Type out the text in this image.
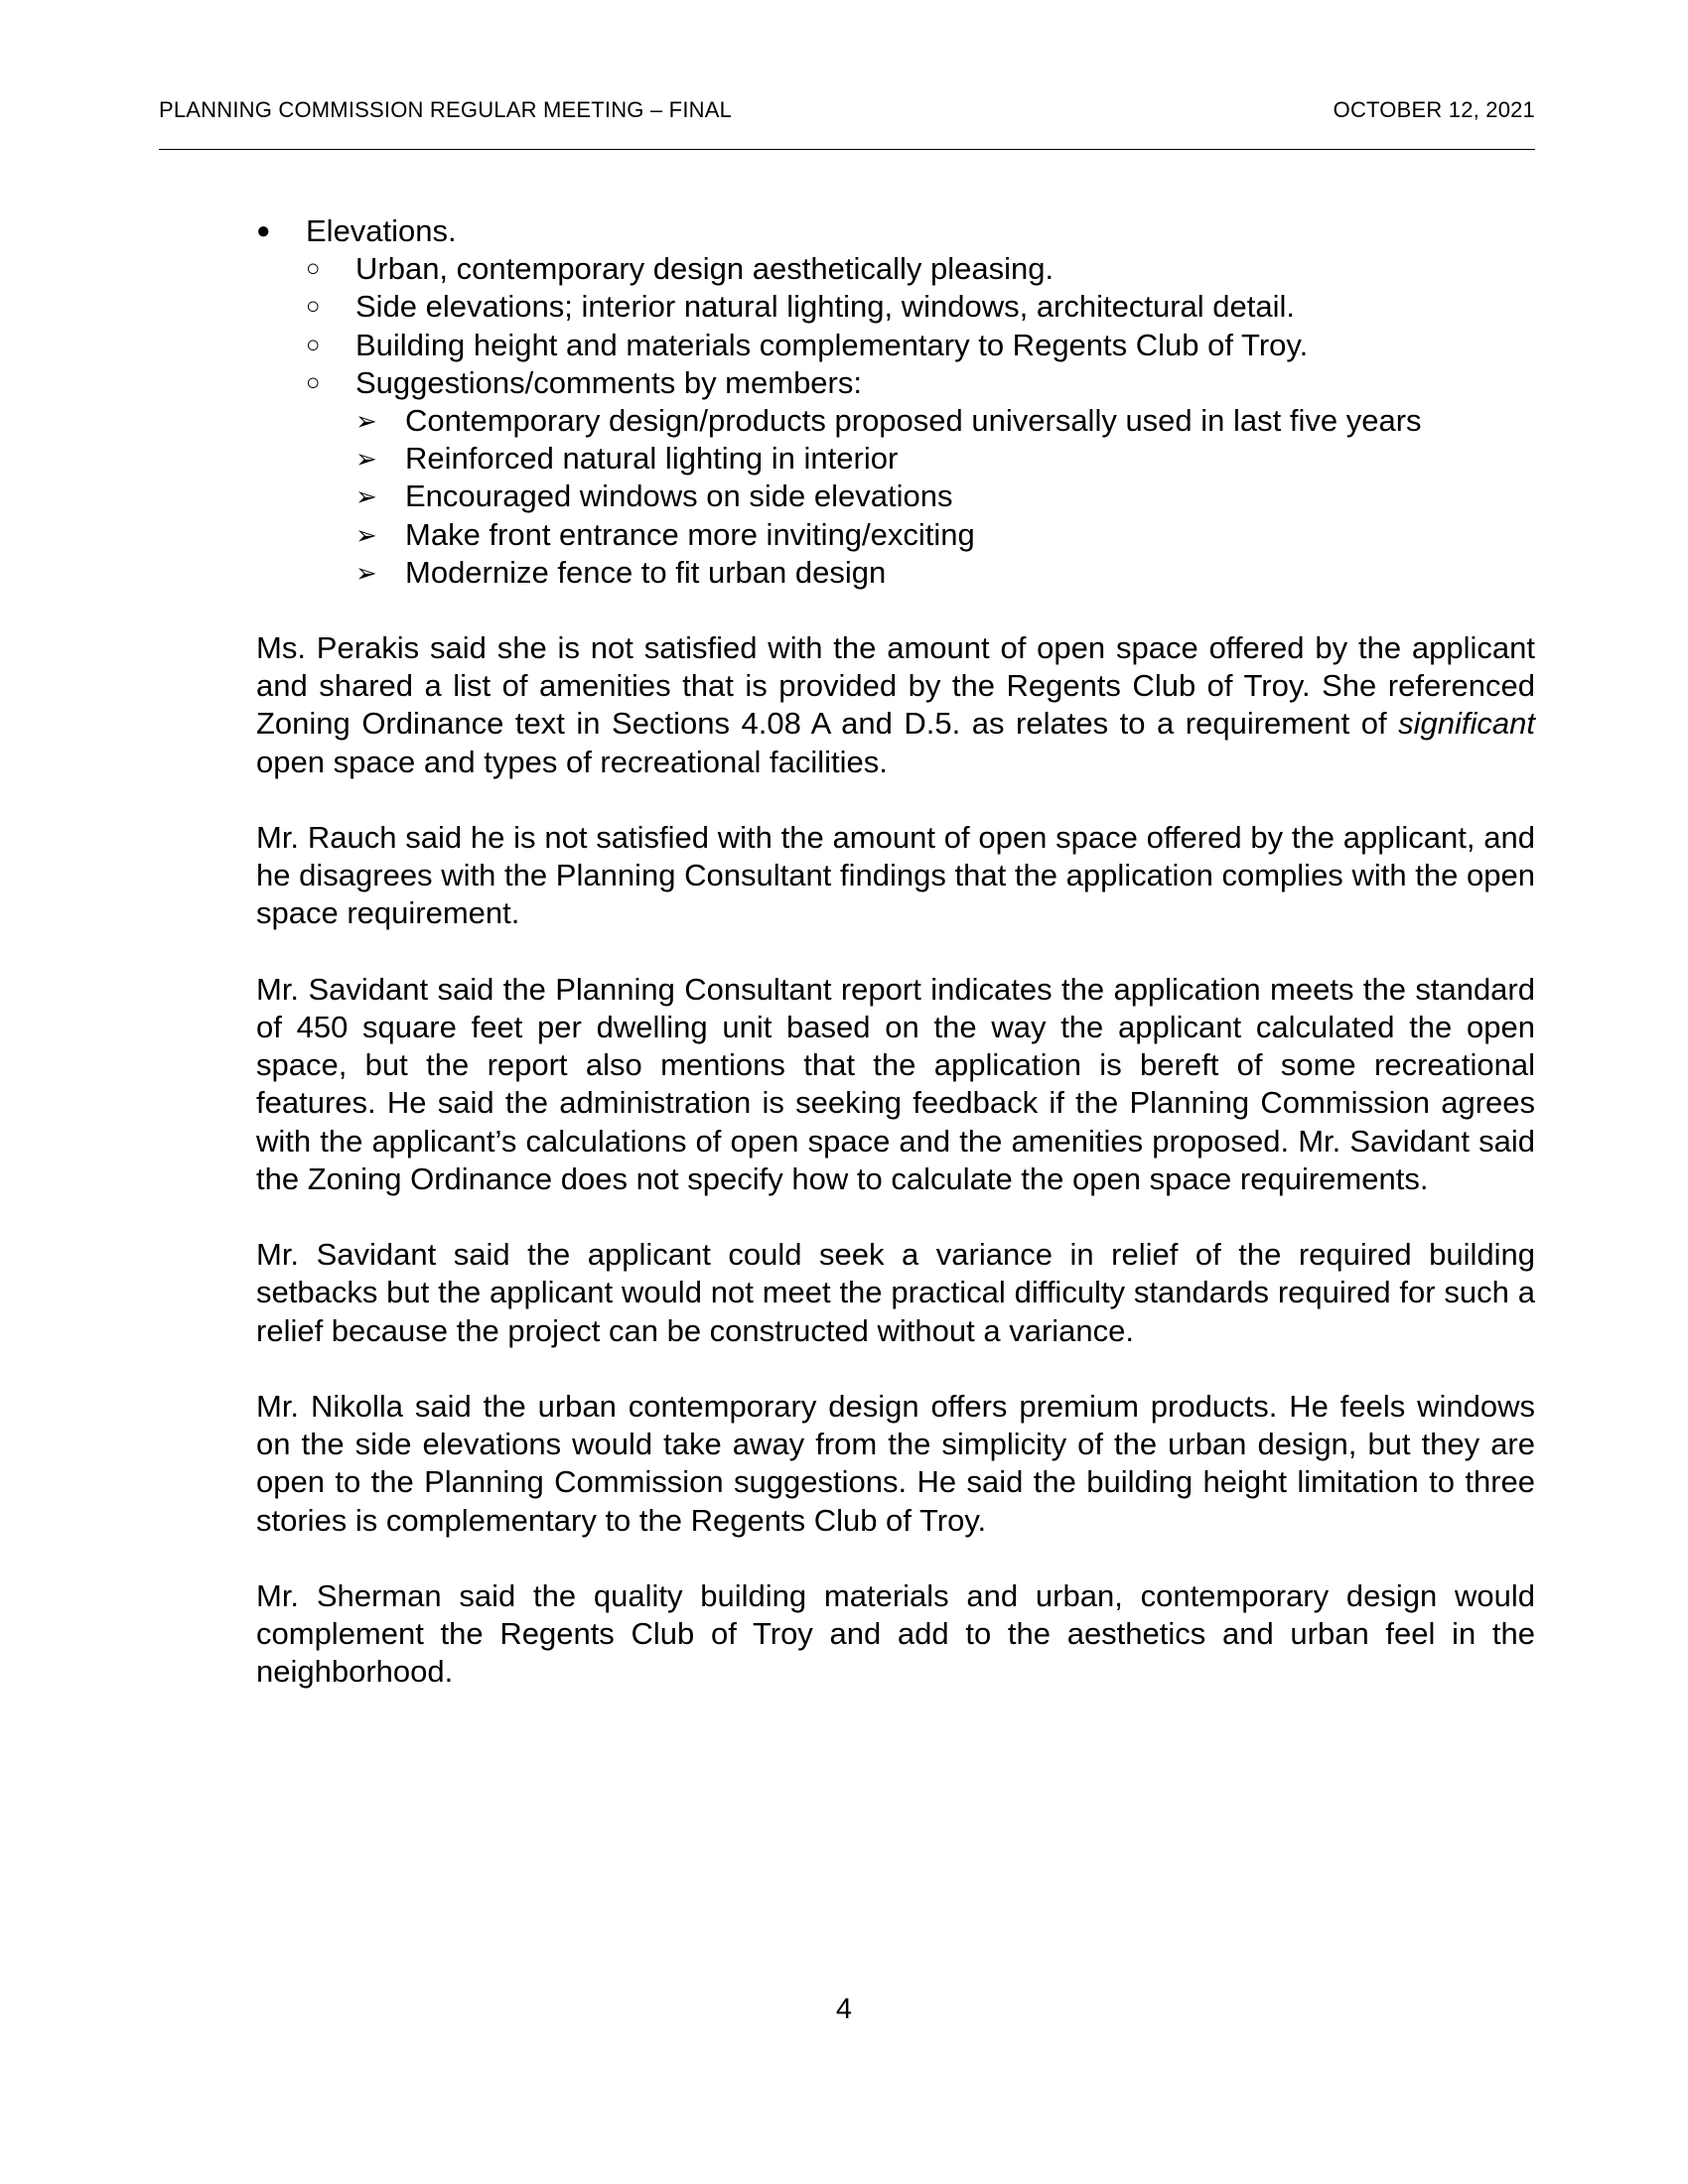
PLANNING COMMISSION REGULAR MEETING – FINAL	OCTOBER 12, 2021
● Elevations.
○ Urban, contemporary design aesthetically pleasing.
○ Side elevations; interior natural lighting, windows, architectural detail.
○ Building height and materials complementary to Regents Club of Troy.
○ Suggestions/comments by members:
➢ Contemporary design/products proposed universally used in last five years
➢ Reinforced natural lighting in interior
➢ Encouraged windows on side elevations
➢ Make front entrance more inviting/exciting
➢ Modernize fence to fit urban design

Ms. Perakis said she is not satisfied with the amount of open space offered by the applicant and shared a list of amenities that is provided by the Regents Club of Troy. She referenced Zoning Ordinance text in Sections 4.08 A and D.5. as relates to a requirement of significant open space and types of recreational facilities.

Mr. Rauch said he is not satisfied with the amount of open space offered by the applicant, and he disagrees with the Planning Consultant findings that the application complies with the open space requirement.

Mr. Savidant said the Planning Consultant report indicates the application meets the standard of 450 square feet per dwelling unit based on the way the applicant calculated the open space, but the report also mentions that the application is bereft of some recreational features. He said the administration is seeking feedback if the Planning Commission agrees with the applicant’s calculations of open space and the amenities proposed. Mr. Savidant said the Zoning Ordinance does not specify how to calculate the open space requirements.

Mr. Savidant said the applicant could seek a variance in relief of the required building setbacks but the applicant would not meet the practical difficulty standards required for such a relief because the project can be constructed without a variance.

Mr. Nikolla said the urban contemporary design offers premium products. He feels windows on the side elevations would take away from the simplicity of the urban design, but they are open to the Planning Commission suggestions. He said the building height limitation to three stories is complementary to the Regents Club of Troy.

Mr. Sherman said the quality building materials and urban, contemporary design would complement the Regents Club of Troy and add to the aesthetics and urban feel in the neighborhood.

4
